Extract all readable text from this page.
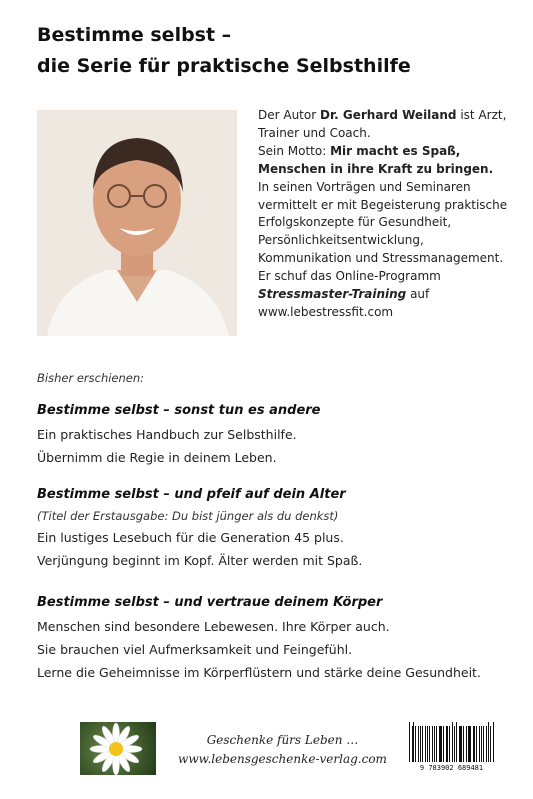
Bestimme selbst –
die Serie für praktische Selbsthilfe

Der Autor Dr. Gerhard Weiland ist Arzt, Trainer und Coach.

Sein Motto: Mir macht es Spaß, Menschen in ihre Kraft zu bringen.

In seinen Vorträgen und Seminaren vermittelt er mit Begeisterung praktische Erfolgskonzepte für Gesundheit, Persönlichkeitsentwicklung, Kommunikation und Stressmanagement.

Er schuf das Online-Programm Stressmaster-Training auf
www.lebestressfit.com

Bisher erschienen:
Bestimme selbst – sonst tun es andere

Ein praktisches Handbuch zur Selbsthilfe.

Übernimm die Regie in deinem Leben.

Bestimme selbst – und pfeif auf dein Alter
(Titel der Erstausgabe: Du bist jünger als du denkst)

Ein lustiges Lesebuch für die Generation 45 plus.

Verjüngung beginnt im Kopf. Älter werden mit Spaß.

Bestimme selbst – und vertraue deinem Körper

Menschen sind besondere Lebewesen. Ihre Körper auch.

Sie brauchen viel Aufmerksamkeit und Feingefühl.

Lerne die Geheimnisse im Körperflüstern und stärke deine Gesundheit.

Geschenke fürs Leben …
www.lebensgeschenke-verlag.com
9 783902 689481
